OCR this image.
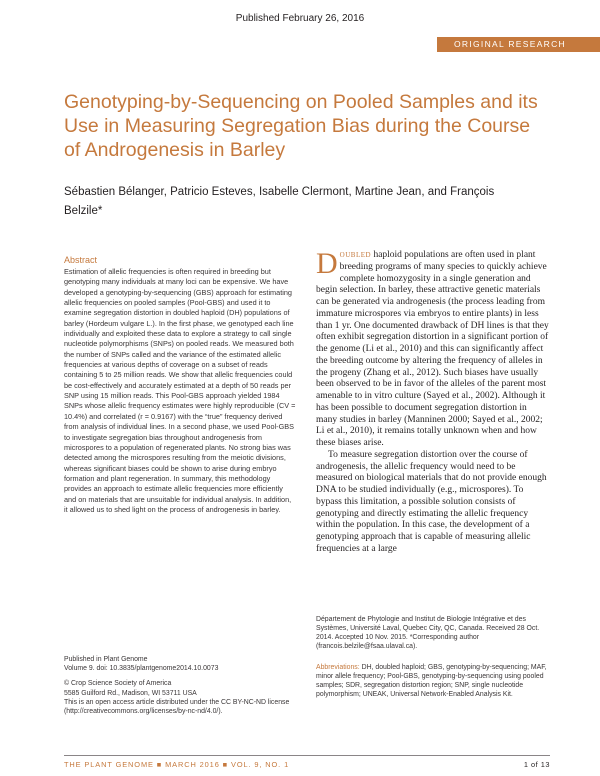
Published February 26, 2016
ORIGINAL RESEARCH
Genotyping-by-Sequencing on Pooled Samples and its Use in Measuring Segregation Bias during the Course of Androgenesis in Barley
Sébastien Bélanger, Patricio Esteves, Isabelle Clermont, Martine Jean, and François Belzile*
Abstract

Estimation of allelic frequencies is often required in breeding but genotyping many individuals at many loci can be expensive. We have developed a genotyping-by-sequencing (GBS) approach for estimating allelic frequencies on pooled samples (Pool-GBS) and used it to examine segregation distortion in doubled haploid (DH) populations of barley (Hordeum vulgare L.). In the first phase, we genotyped each line individually and exploited these data to explore a strategy to call single nucleotide polymorphisms (SNPs) on pooled reads. We measured both the number of SNPs called and the variance of the estimated allelic frequencies at various depths of coverage on a subset of reads containing 5 to 25 million reads. We show that allelic frequencies could be cost-effectively and accurately estimated at a depth of 50 reads per SNP using 15 million reads. This Pool-GBS approach yielded 1984 SNPs whose allelic frequency estimates were highly reproducible (CV = 10.4%) and correlated (r = 0.9167) with the “true” frequency derived from analysis of individual lines. In a second phase, we used Pool-GBS to investigate segregation bias throughout androgenesis from microspores to a population of regenerated plants. No strong bias was detected among the microspores resulting from the meiotic divisions, whereas significant biases could be shown to arise during embryo formation and plant regeneration. In summary, this methodology provides an approach to estimate allelic frequencies more efficiently and on materials that are unsuitable for individual analysis. In addition, it allowed us to shed light on the process of androgenesis in barley.

Published in Plant Genome

Volume 9. doi: 10.3835/plantgenome2014.10.0073

© Crop Science Society of America

5585 Guilford Rd., Madison, WI 53711 USA

This is an open access article distributed under the CC BY-NC-ND license (http://creativecommons.org/licenses/by-nc-nd/4.0/).

DOUBLED haploid populations are often used in plant breeding programs of many species to quickly achieve complete homozygosity in a single generation and begin selection. In barley, these attractive genetic materials can be generated via androgenesis (the process leading from immature microspores via embryos to entire plants) in less than 1 yr. One documented drawback of DH lines is that they often exhibit segregation distortion in a significant portion of the genome (Li et al., 2010) and this can significantly affect the breeding outcome by altering the frequency of alleles in the progeny (Zhang et al., 2012). Such biases have usually been observed to be in favor of the alleles of the parent most amenable to in vitro culture (Sayed et al., 2002). Although it has been possible to document segregation distortion in many studies in barley (Manninen 2000; Sayed et al., 2002; Li et al., 2010), it remains totally unknown when and how these biases arise.

To measure segregation distortion over the course of androgenesis, the allelic frequency would need to be measured on biological materials that do not provide enough DNA to be studied individually (e.g., microspores). To bypass this limitation, a possible solution consists of genotyping and directly estimating the allelic frequency within the population. In this case, the development of a genotyping approach that is capable of measuring allelic frequencies at a large

Département de Phytologie and Institut de Biologie Intégrative et des Systèmes, Université Laval, Quebec City, QC, Canada. Received 28 Oct. 2014. Accepted 10 Nov. 2015. *Corresponding author (francois.belzile@fsaa.ulaval.ca).

Abbreviations: DH, doubled haploid; GBS, genotyping-by-sequencing; MAF, minor allele frequency; Pool-GBS, genotyping-by-sequencing using pooled samples; SDR, segregation distortion region; SNP, single nucleotide polymorphism; UNEAK, Universal Network-Enabled Analysis Kit.
THE PLANT GENOME ■ MARCH 2016 ■ VOL. 9, NO. 1	1 of 13
